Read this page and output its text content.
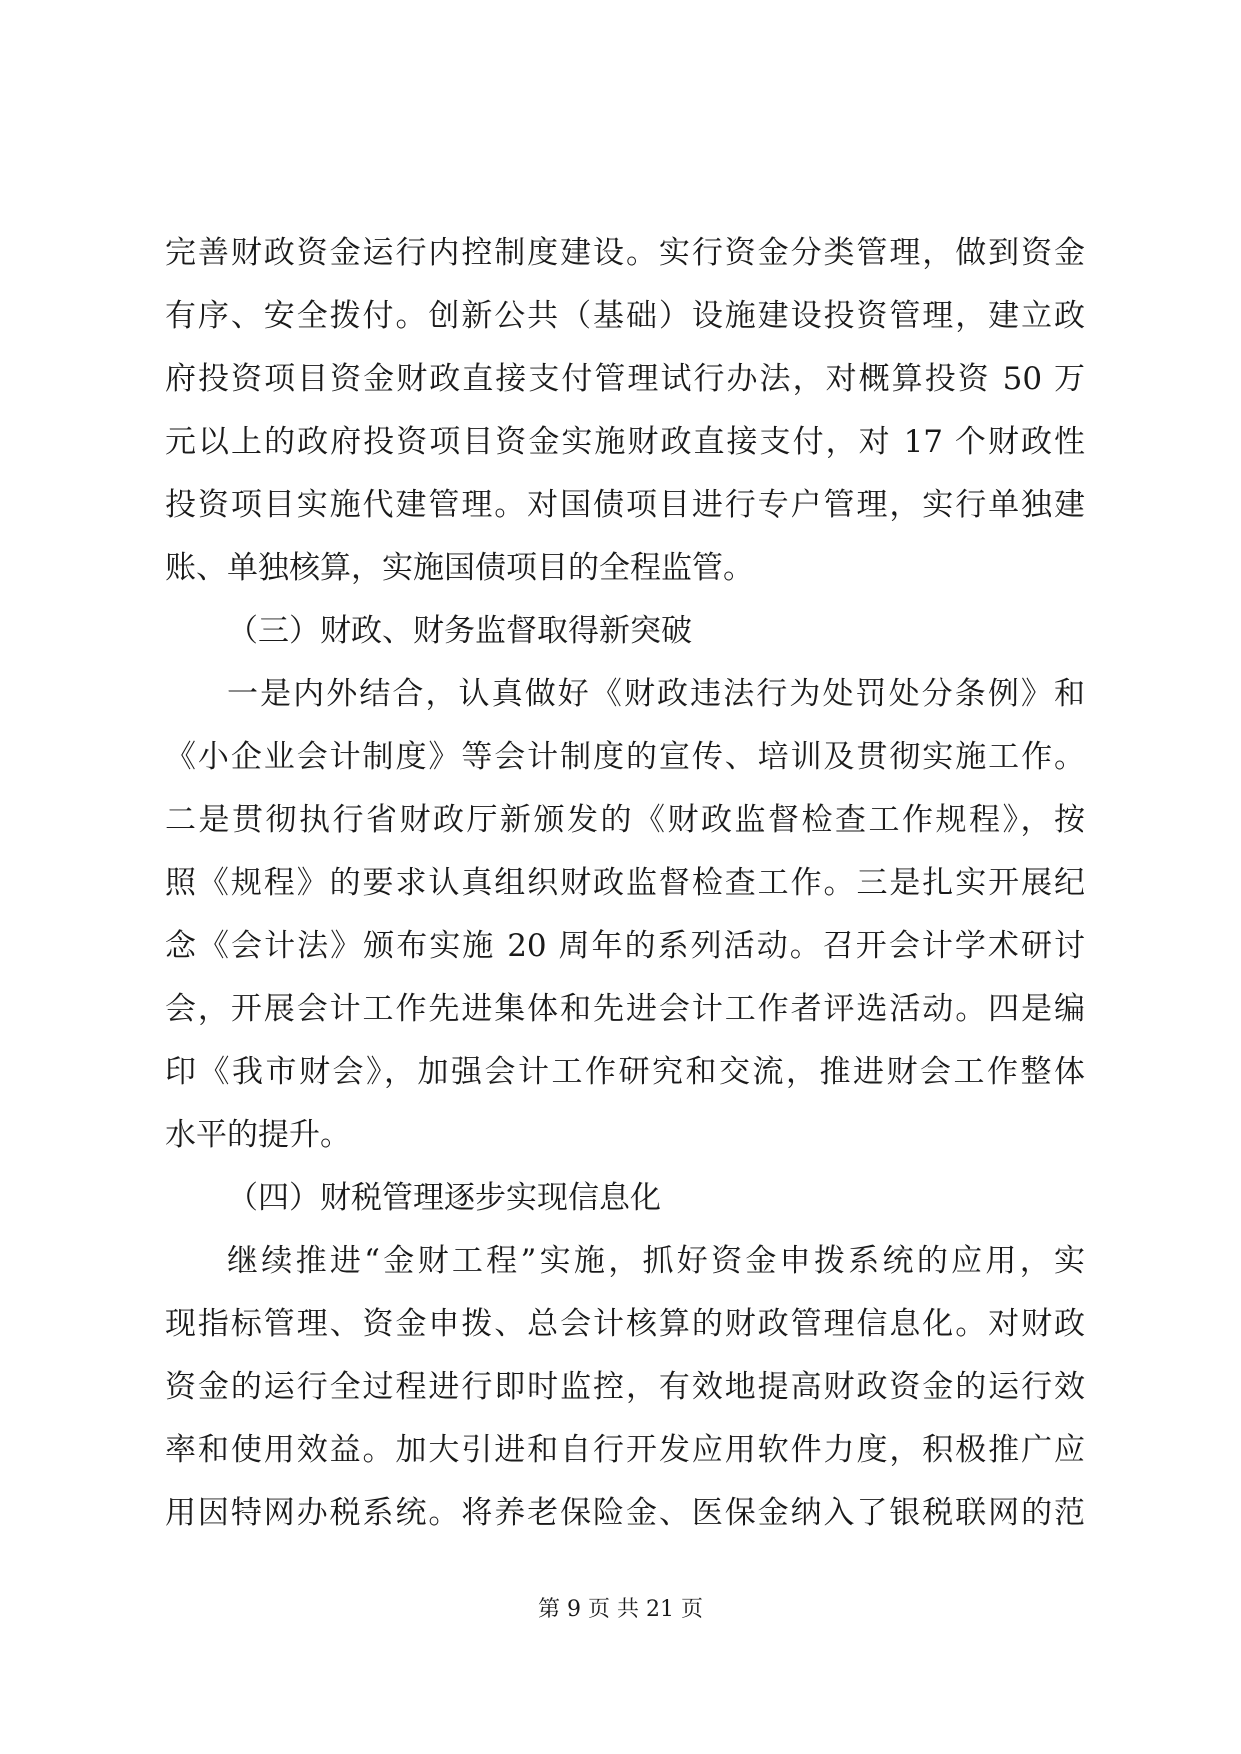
完善财政资金运行内控制度建设。实行资金分类管理，做到资金
有序、安全拨付。创新公共（基础）设施建设投资管理，建立政
府投资项目资金财政直接支付管理试行办法，对概算投资 50 万
元以上的政府投资项目资金实施财政直接支付，对 17 个财政性
投资项目实施代建管理。对国债项目进行专户管理，实行单独建
账、单独核算，实施国债项目的全程监管。
（三）财政、财务监督取得新突破
一是内外结合，认真做好《财政违法行为处罚处分条例》和
《小企业会计制度》等会计制度的宣传、培训及贯彻实施工作。
二是贯彻执行省财政厅新颁发的《财政监督检查工作规程》，按
照《规程》的要求认真组织财政监督检查工作。三是扎实开展纪
念《会计法》颁布实施 20 周年的系列活动。召开会计学术研讨
会，开展会计工作先进集体和先进会计工作者评选活动。四是编
印《我市财会》，加强会计工作研究和交流，推进财会工作整体
水平的提升。
（四）财税管理逐步实现信息化
继续推进“金财工程”实施，抓好资金申拨系统的应用，实
现指标管理、资金申拨、总会计核算的财政管理信息化。对财政
资金的运行全过程进行即时监控，有效地提高财政资金的运行效
率和使用效益。加大引进和自行开发应用软件力度，积极推广应
用因特网办税系统。将养老保险金、医保金纳入了银税联网的范
第 9 页 共 21 页
